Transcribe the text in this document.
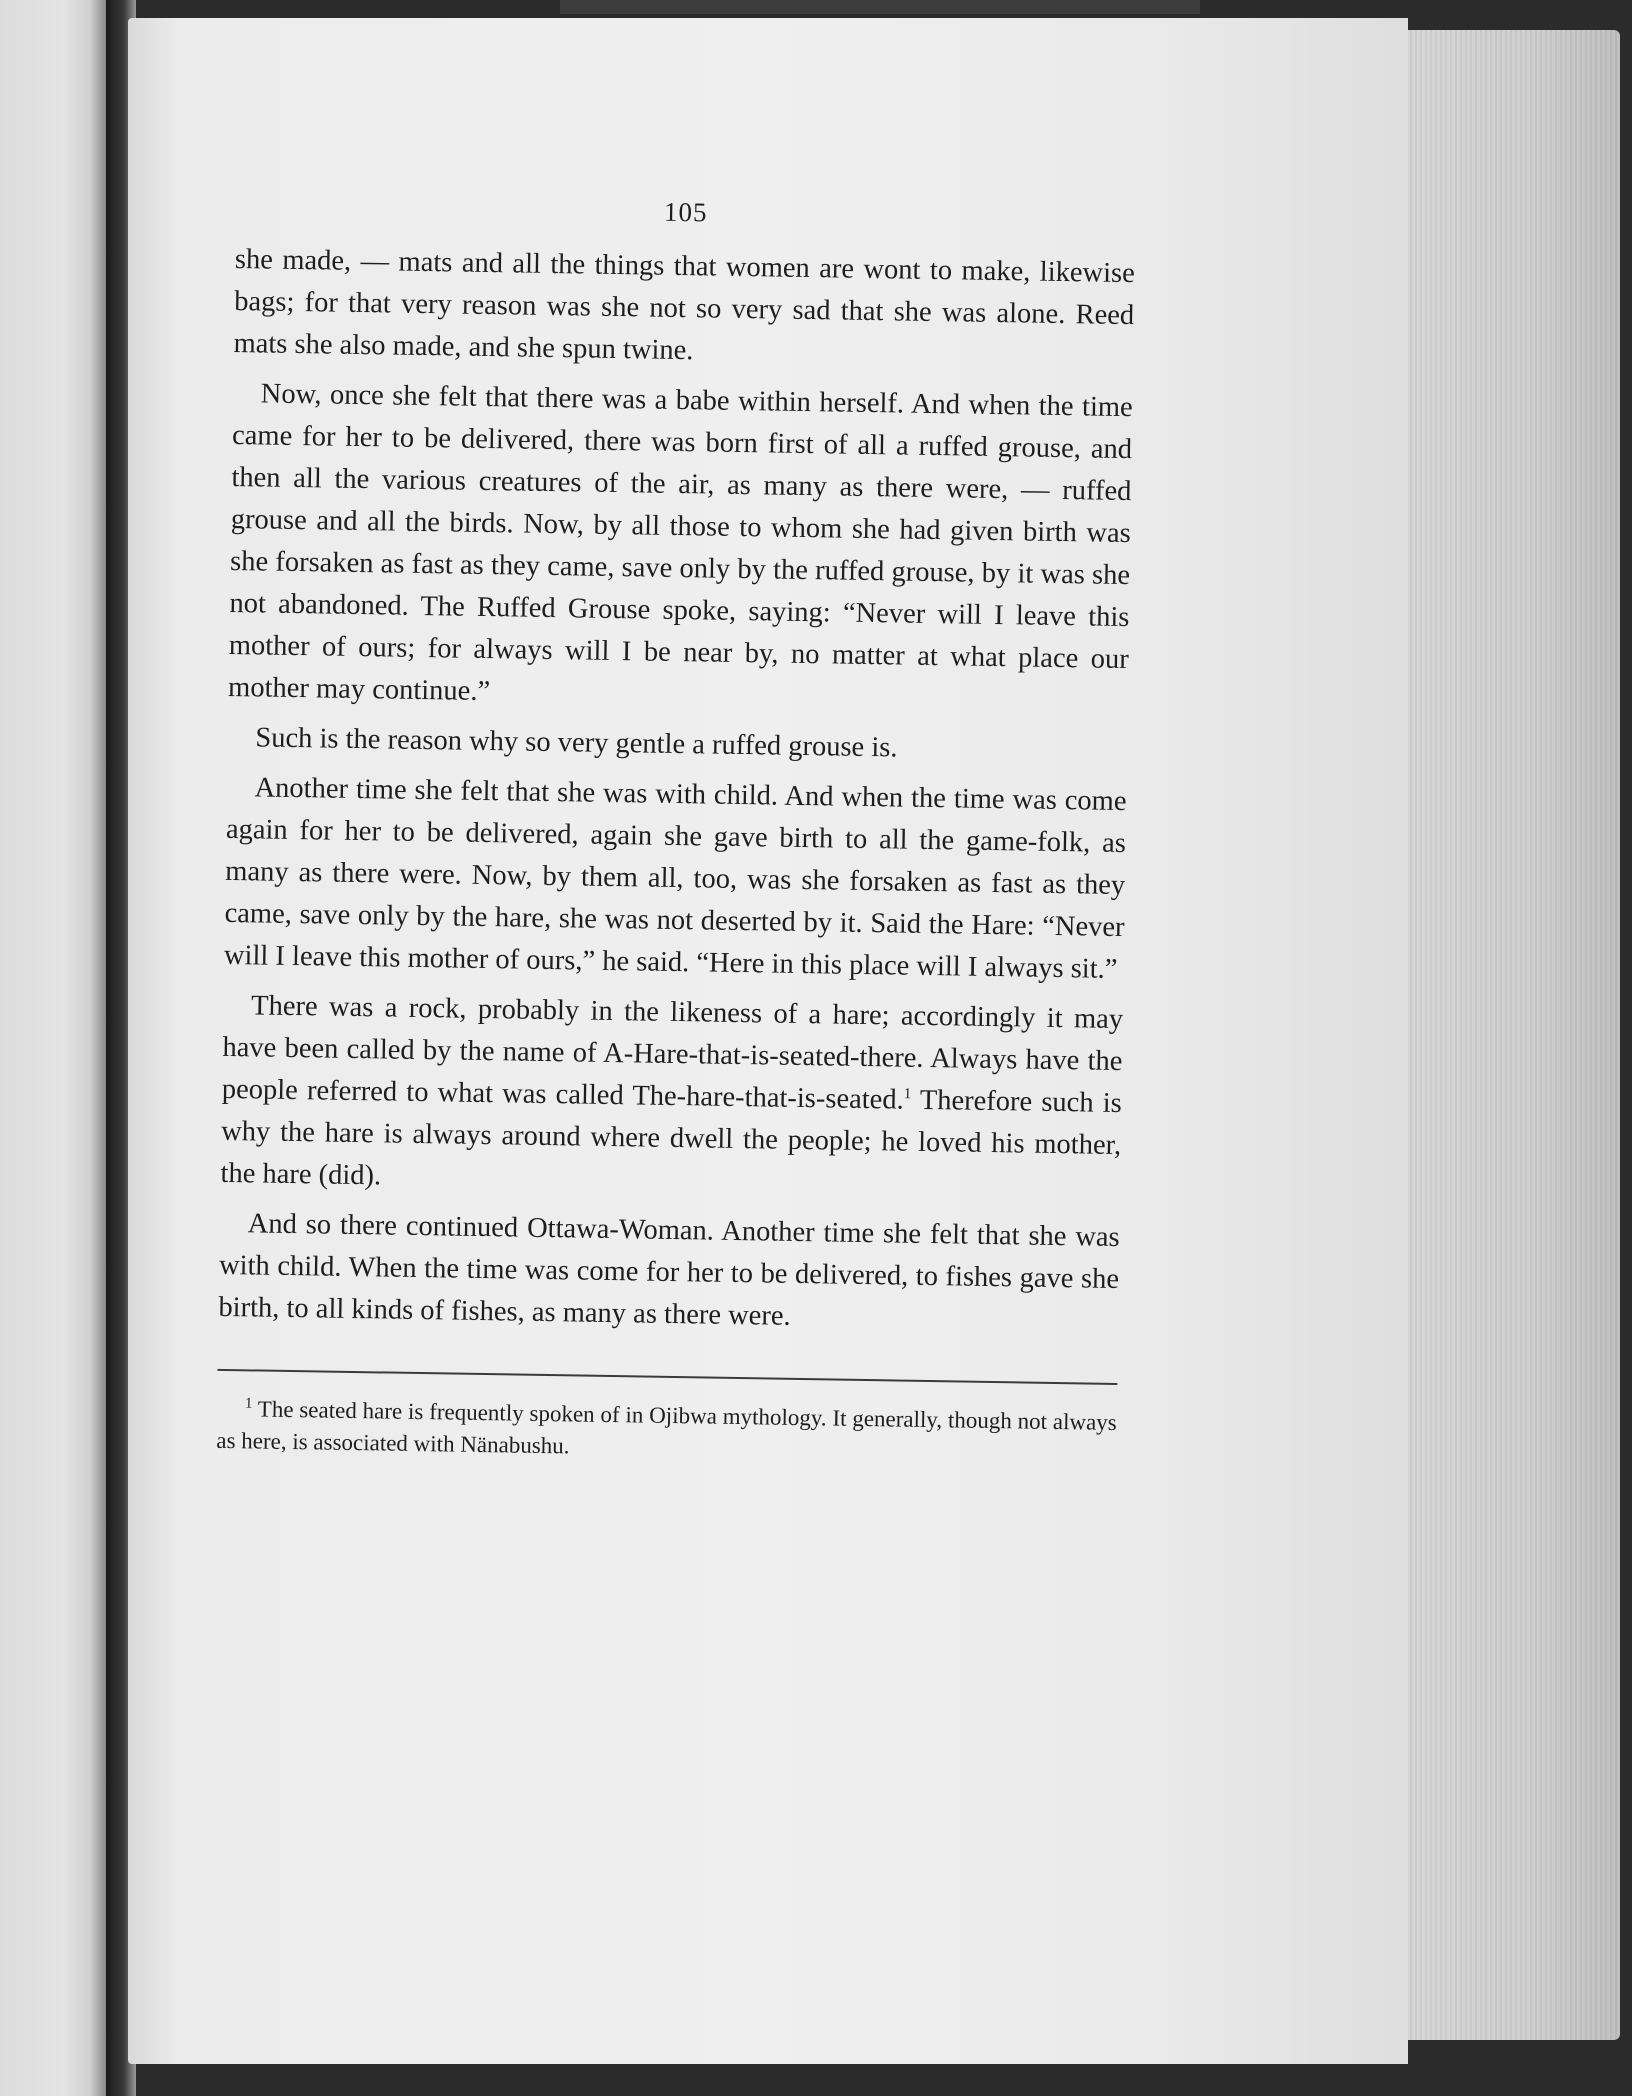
105

she made, — mats and all the things that women are wont to make, likewise bags; for that very reason was she not so very sad that she was alone. Reed mats she also made, and she spun twine.

Now, once she felt that there was a babe within herself. And when the time came for her to be delivered, there was born first of all a ruffed grouse, and then all the various creatures of the air, as many as there were, — ruffed grouse and all the birds. Now, by all those to whom she had given birth was she forsaken as fast as they came, save only by the ruffed grouse, by it was she not abandoned. The Ruffed Grouse spoke, saying: “Never will I leave this mother of ours; for always will I be near by, no matter at what place our mother may continue.”

Such is the reason why so very gentle a ruffed grouse is.

Another time she felt that she was with child. And when the time was come again for her to be delivered, again she gave birth to all the game-folk, as many as there were. Now, by them all, too, was she forsaken as fast as they came, save only by the hare, she was not deserted by it. Said the Hare: “Never will I leave this mother of ours,” he said. “Here in this place will I always sit.”

There was a rock, probably in the likeness of a hare; accordingly it may have been called by the name of A-Hare-that-is-seated-there. Always have the people referred to what was called The-hare-that-is-seated.$^1$ Therefore such is why the hare is always around where dwell the people; he loved his mother, the hare (did).

And so there continued Ottawa-Woman. Another time she felt that she was with child. When the time was come for her to be delivered, to fishes gave she birth, to all kinds of fishes, as many as there were.

$^1$ The seated hare is frequently spoken of in Ojibwa mythology. It generally, though not always as here, is associated with Nänabushu.
